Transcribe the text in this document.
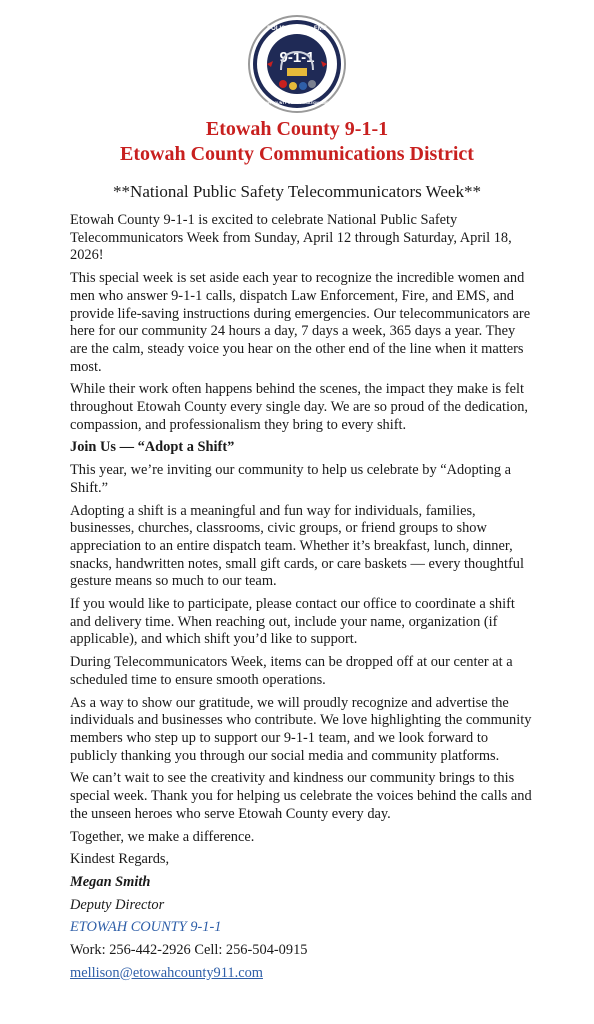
POLICE · FIRE · EMS
9-1-1
ETOWAH COUNTY COMMUNICATIONS DISTRICT
Etowah County 9-1-1
Etowah County Communications District
**National Public Safety Telecommunicators Week**

Etowah County 9-1-1 is excited to celebrate National Public Safety Telecommunicators Week from Sunday, April 12 through Saturday, April 18, 2026!

This special week is set aside each year to recognize the incredible women and men who answer 9-1-1 calls, dispatch Law Enforcement, Fire, and EMS, and provide life-saving instructions during emergencies. Our telecommunicators are here for our community 24 hours a day, 7 days a week, 365 days a year. They are the calm, steady voice you hear on the other end of the line when it matters most.

While their work often happens behind the scenes, the impact they make is felt throughout Etowah County every single day. We are so proud of the dedication, compassion, and professionalism they bring to every shift.

Join Us — “Adopt a Shift”

This year, we’re inviting our community to help us celebrate by “Adopting a Shift.”

Adopting a shift is a meaningful and fun way for individuals, families, businesses, churches, classrooms, civic groups, or friend groups to show appreciation to an entire dispatch team. Whether it’s breakfast, lunch, dinner, snacks, handwritten notes, small gift cards, or care baskets — every thoughtful gesture means so much to our team.

If you would like to participate, please contact our office to coordinate a shift and delivery time. When reaching out, include your name, organization (if applicable), and which shift you’d like to support.

During Telecommunicators Week, items can be dropped off at our center at a scheduled time to ensure smooth operations.

As a way to show our gratitude, we will proudly recognize and advertise the individuals and businesses who contribute. We love highlighting the community members who step up to support our 9-1-1 team, and we look forward to publicly thanking you through our social media and community platforms.

We can’t wait to see the creativity and kindness our community brings to this special week. Thank you for helping us celebrate the voices behind the calls and the unseen heroes who serve Etowah County every day.

Together, we make a difference.

Kindest Regards,

Megan Smith

Deputy Director

ETOWAH COUNTY 9-1-1

Work: 256-442-2926 Cell: 256-504-0915

mellison@etowahcounty911.com
